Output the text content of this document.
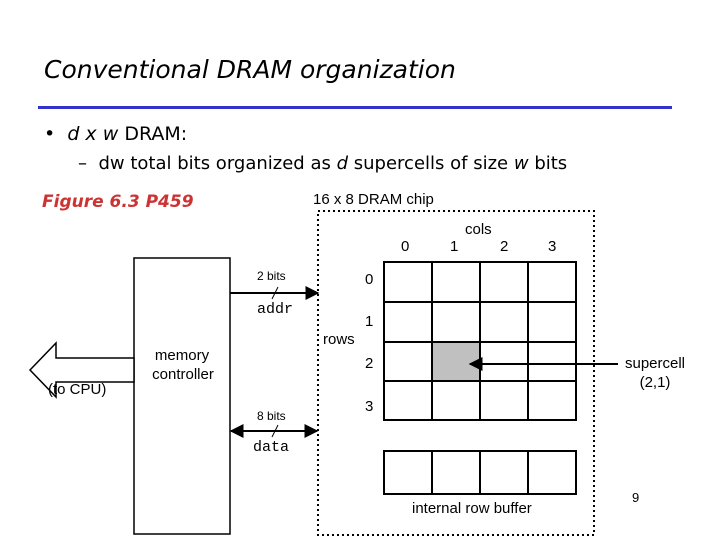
Conventional DRAM organization
• d x w DRAM:
– dw total bits organized as d supercells of size w bits
Figure 6.3 P459	16 x 8 DRAM chip
cols
0	1	2	3
0
1
2
3
rows
2 bits
addr
8 bits
data
memory
controller
(to CPU)
supercell
(2,1)
internal row buffer
9
